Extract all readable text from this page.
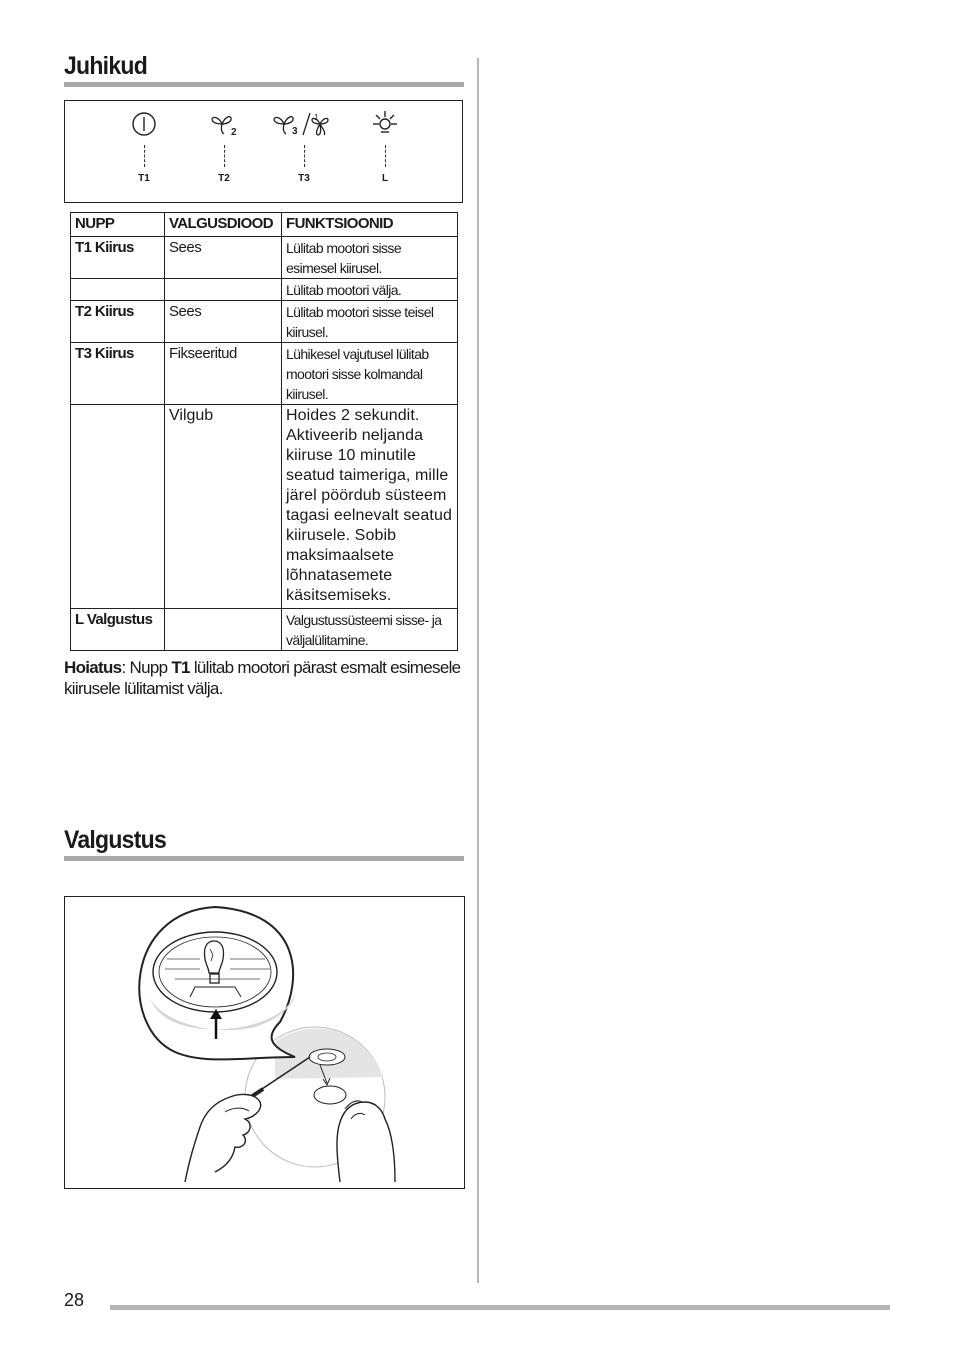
Juhikud
T1
2
T2
3
1
T3	L
NUPP	VALGUSDIOOD	FUNKTSIOONID
T1 Kiirus	Sees	Lülitab mootori sisse esimesel kiirusel.
		Lülitab mootori välja.
T2 Kiirus	Sees	Lülitab mootori sisse teisel kiirusel.
T3 Kiirus	Fikseeritud	Lühikesel vajutusel lülitab mootori sisse kolmandal kiirusel.
	Vilgub	Hoides 2 sekundit. Aktiveerib neljanda kiiruse 10 minutile seatud taimeriga, mille järel pöördub süsteem tagasi eelnevalt seatud kiirusele. Sobib maksimaalsete lõhnatasemete käsitsemiseks.
L Valgustus		Valgustussüsteemi sisse- ja väljalülitamine.

Hoiatus: Nupp T1 lülitab mootori pärast esmalt esimesele kiirusele lülitamist välja.

Valgustus
28
